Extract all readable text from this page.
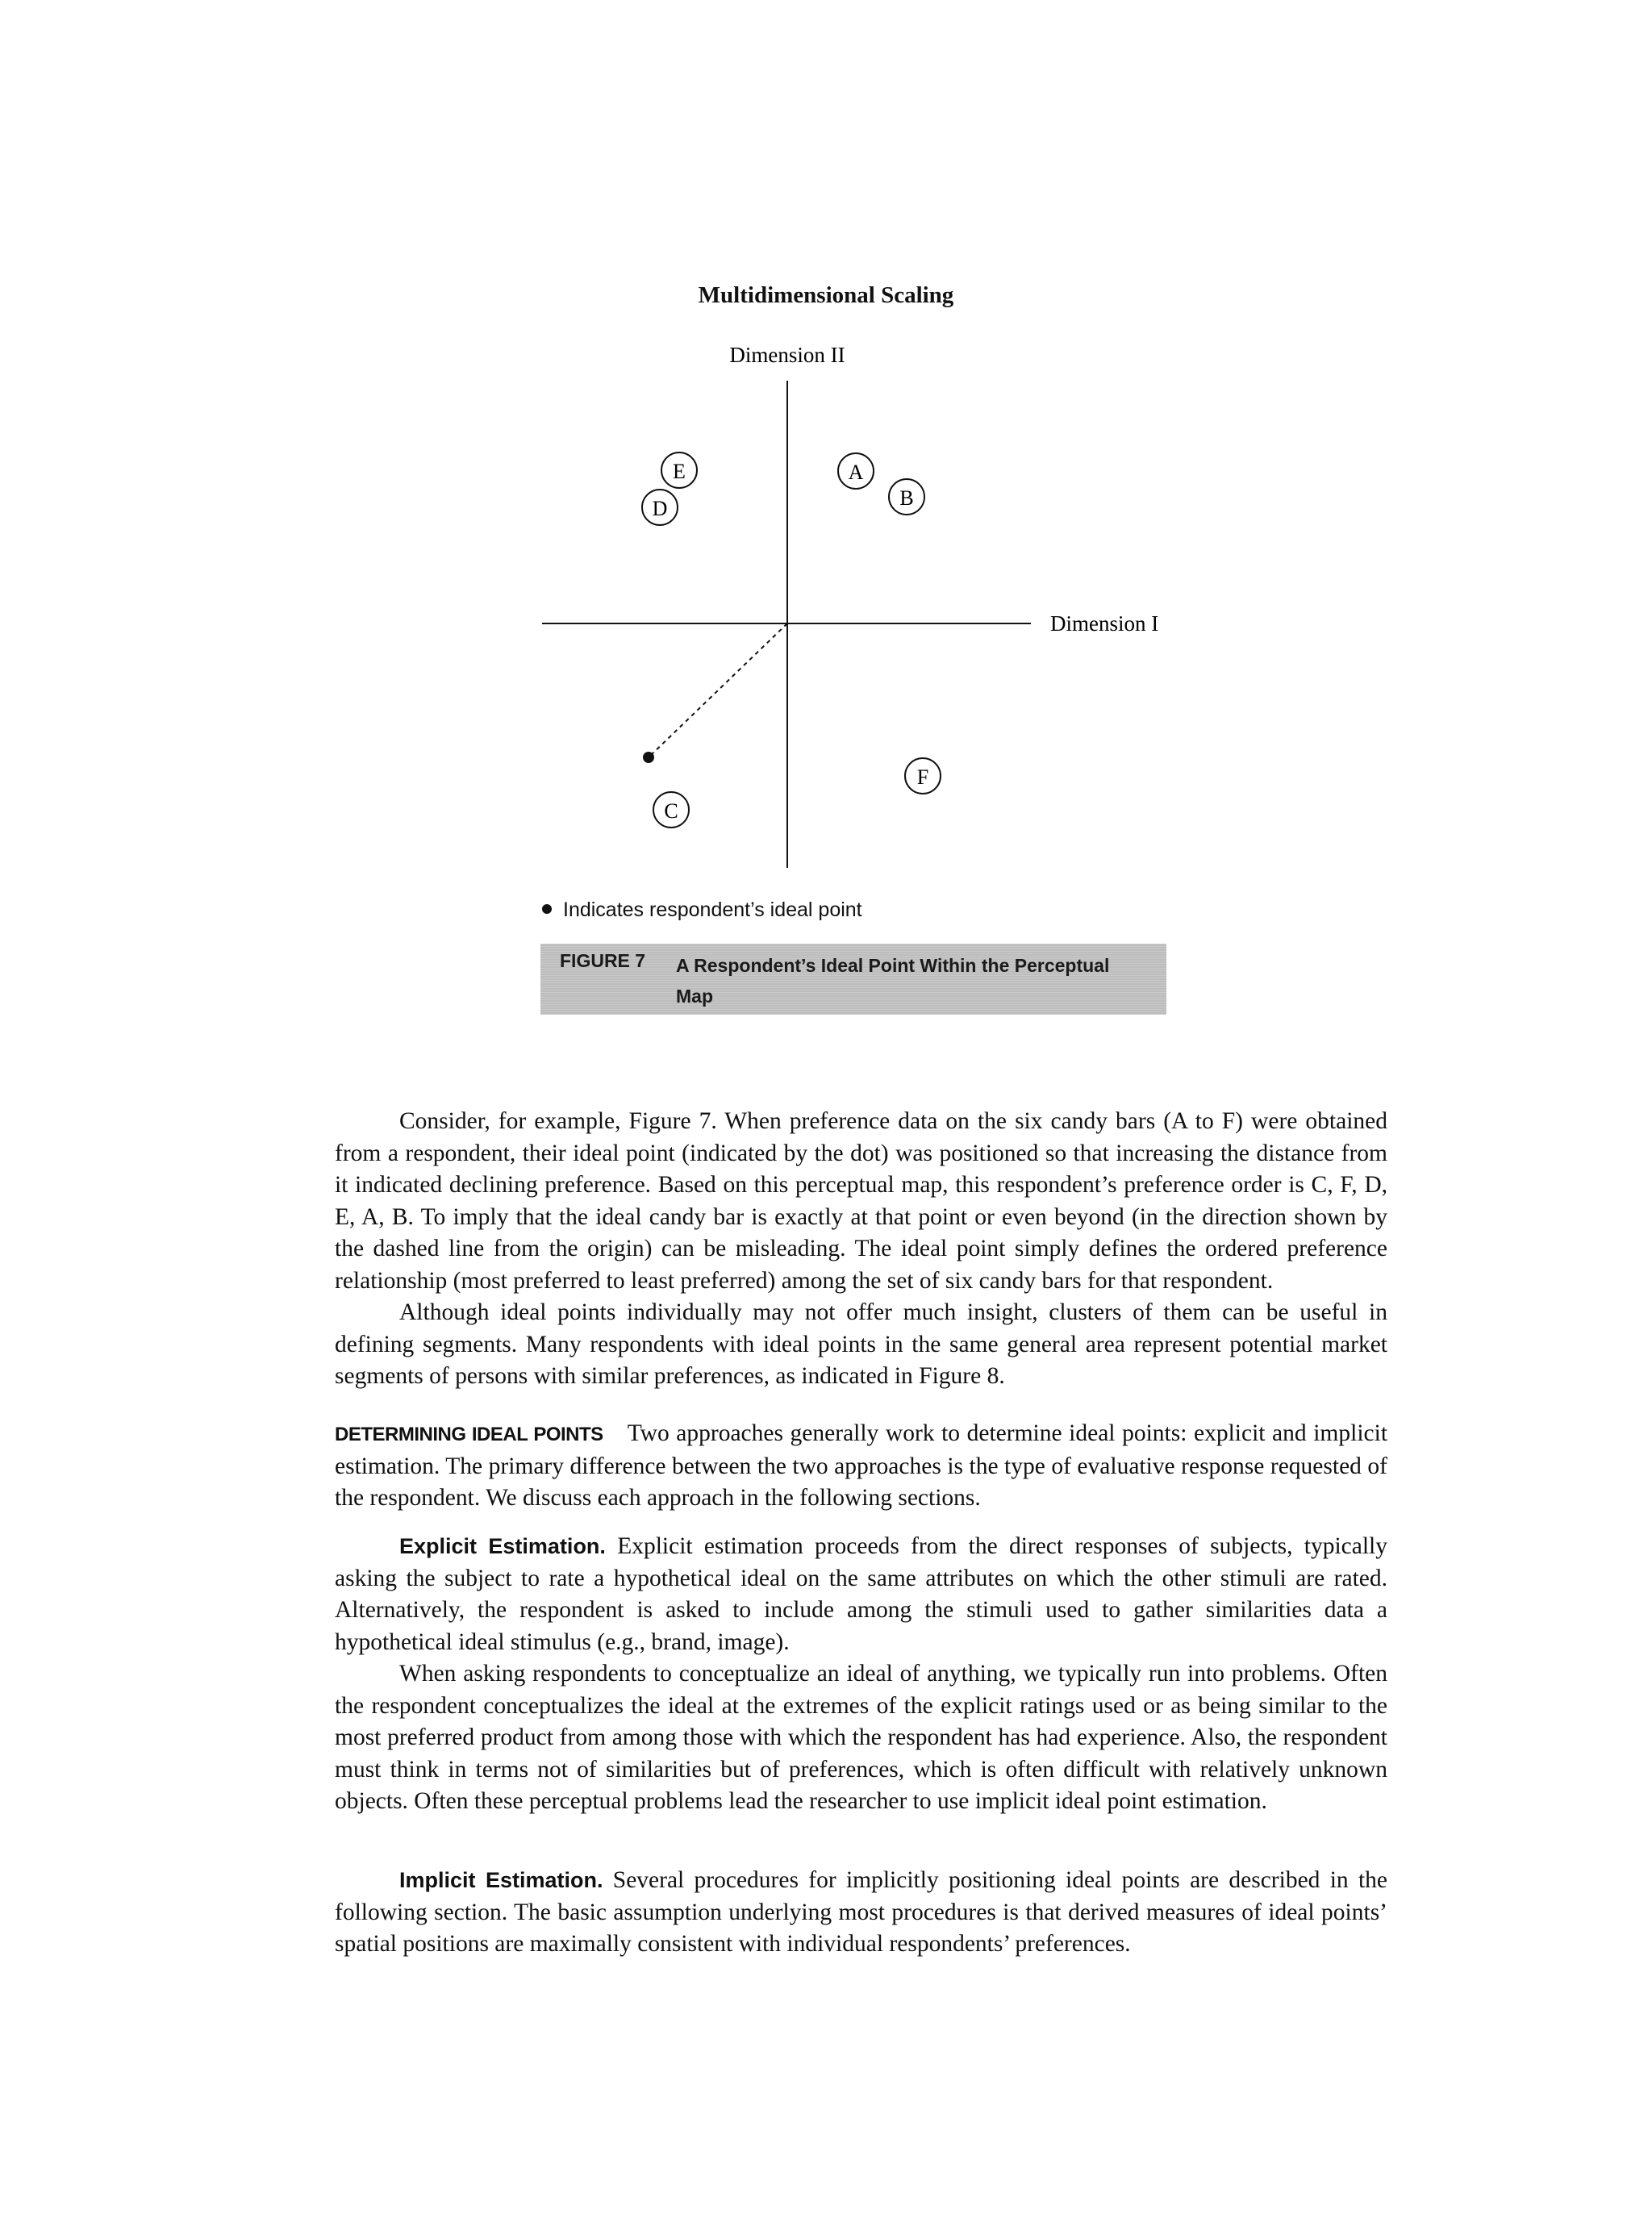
Multidimensional Scaling
Dimension II
Dimension I
E
D
A
B
F
C
Indicates respondent’s ideal point
FIGURE 7 A Respondent’s Ideal Point Within the Perceptual Map

Consider, for example, Figure 7. When preference data on the six candy bars (A to F) were obtained from a respondent, their ideal point (indicated by the dot) was positioned so that increasing the distance from it indicated declining preference. Based on this perceptual map, this respondent’s preference order is C, F, D, E, A, B. To imply that the ideal candy bar is exactly at that point or even beyond (in the direction shown by the dashed line from the origin) can be misleading. The ideal point simply defines the ordered preference relationship (most preferred to least preferred) among the set of six candy bars for that respondent.

Although ideal points individually may not offer much insight, clusters of them can be useful in defining segments. Many respondents with ideal points in the same general area represent potential market segments of persons with similar preferences, as indicated in Figure 8.

DETERMINING IDEAL POINTS Two approaches generally work to determine ideal points: explicit and implicit estimation. The primary difference between the two approaches is the type of evaluative response requested of the respondent. We discuss each approach in the following sections.

Explicit Estimation. Explicit estimation proceeds from the direct responses of subjects, typically asking the subject to rate a hypothetical ideal on the same attributes on which the other stimuli are rated. Alternatively, the respondent is asked to include among the stimuli used to gather similarities data a hypothetical ideal stimulus (e.g., brand, image).

When asking respondents to conceptualize an ideal of anything, we typically run into problems. Often the respondent conceptualizes the ideal at the extremes of the explicit ratings used or as being similar to the most preferred product from among those with which the respondent has had experience. Also, the respondent must think in terms not of similarities but of preferences, which is often difficult with relatively unknown objects. Often these perceptual problems lead the researcher to use implicit ideal point estimation.

Implicit Estimation. Several procedures for implicitly positioning ideal points are described in the following section. The basic assumption underlying most procedures is that derived measures of ideal points’ spatial positions are maximally consistent with individual respondents’ preferences.
